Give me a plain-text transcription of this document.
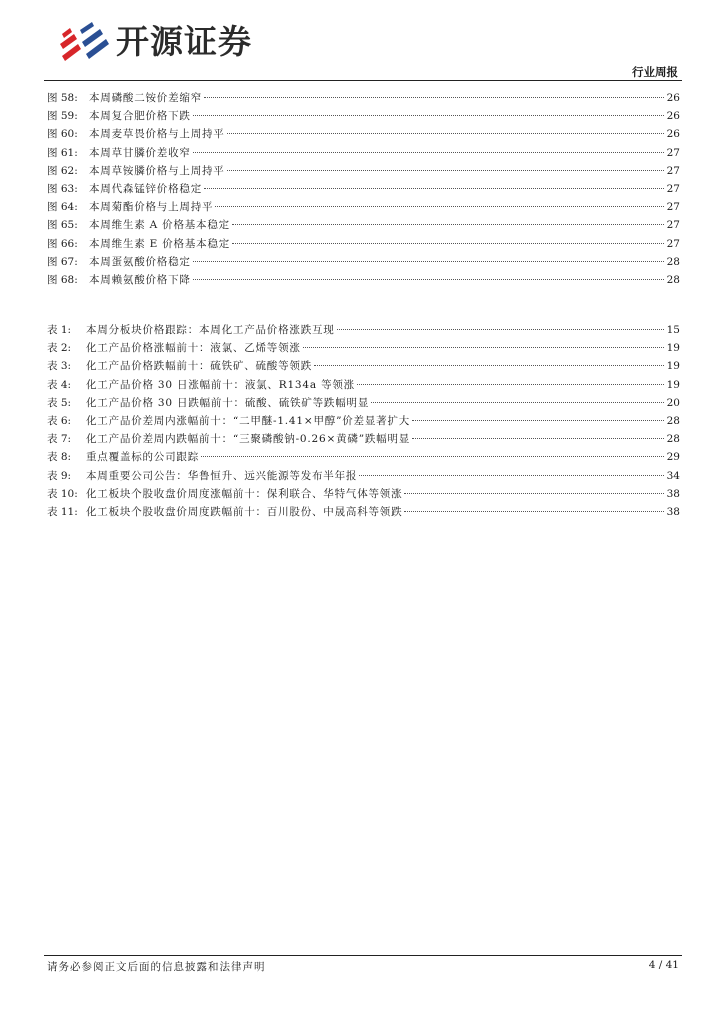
开源证券
行业周报
图 58:	本周磷酸二铵价差缩窄	26
图 59:	本周复合肥价格下跌	26
图 60:	本周麦草畏价格与上周持平	26
图 61:	本周草甘膦价差收窄	27
图 62:	本周草铵膦价格与上周持平	27
图 63:	本周代森锰锌价格稳定	27
图 64:	本周菊酯价格与上周持平	27
图 65:	本周维生素 A 价格基本稳定	27
图 66:	本周维生素 E 价格基本稳定	27
图 67:	本周蛋氨酸价格稳定	28
图 68:	本周赖氨酸价格下降	28
表 1:	本周分板块价格跟踪：本周化工产品价格涨跌互现	15
表 2:	化工产品价格涨幅前十：液氯、乙烯等领涨	19
表 3:	化工产品价格跌幅前十：硫铁矿、硫酸等领跌	19
表 4:	化工产品价格 30 日涨幅前十：液氯、R134a 等领涨	19
表 5:	化工产品价格 30 日跌幅前十：硫酸、硫铁矿等跌幅明显	20
表 6:	化工产品价差周内涨幅前十：“二甲醚-1.41×甲醇”价差显著扩大	28
表 7:	化工产品价差周内跌幅前十：“三聚磷酸钠-0.26×黄磷”跌幅明显	28
表 8:	重点覆盖标的公司跟踪	29
表 9:	本周重要公司公告：华鲁恒升、远兴能源等发布半年报	34
表 10: 化工板块个股收盘价周度涨幅前十：保利联合、华特气体等领涨	38
表 11: 化工板块个股收盘价周度跌幅前十：百川股份、中晟高科等领跌	38
请务必参阅正文后面的信息披露和法律声明	4 / 41
